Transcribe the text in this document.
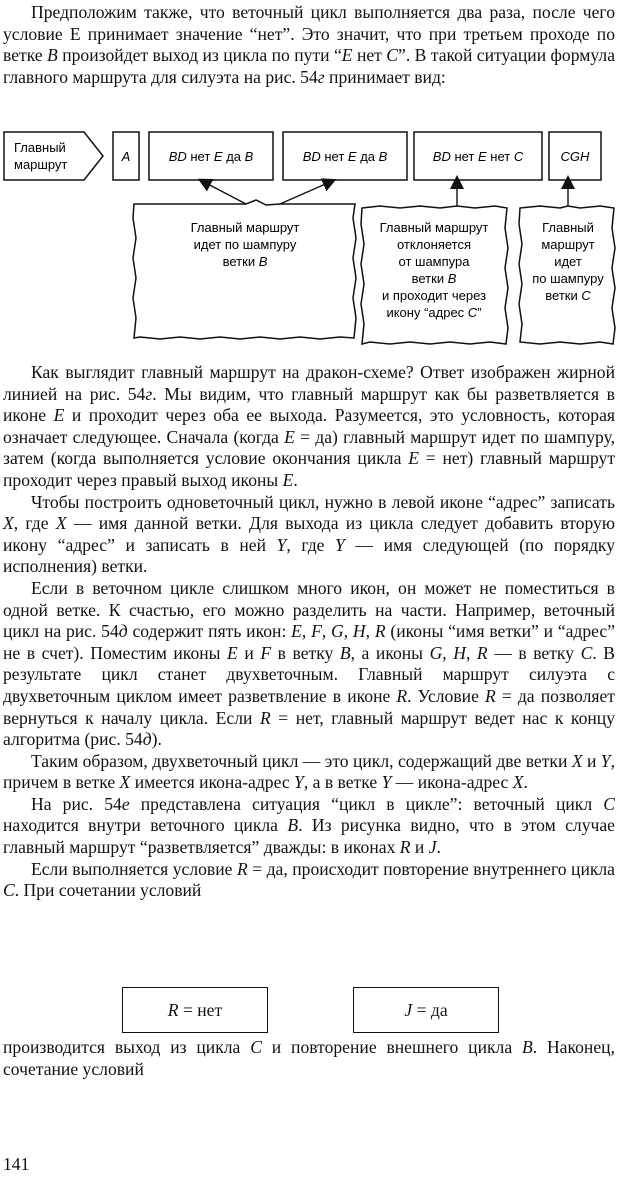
Предположим также, что веточный цикл выполняется два раза, после чего условие Е принимает значение “нет”. Это значит, что при третьем проходе по ветке В произойдет выход из цикла по пути “Е нет С”. В такой ситуации формула главного маршрута для силуэта на рис. 54г принимает вид:

Главный
маршрут
A	BD нет E да B	BD нет E да B	BD нет E нет C	CGH
Главный маршрут
идет по шампуру
ветки B
Главный маршрут
отклоняется
от шампура
ветки B
и проходит через
икону “адрес C”
Главный
маршрут
идет
по шампуру
ветки C

Как выглядит главный маршрут на дракон-схеме? Ответ изображен жирной линией на рис. 54г. Мы видим, что главный маршрут как бы разветвляется в иконе Е и проходит через оба ее выхода. Разумеется, это условность, которая означает следующее. Сначала (когда Е = да) главный маршрут идет по шампуру, затем (когда выполняется условие окончания цикла Е = нет) главный маршрут проходит через правый выход иконы Е.

Чтобы построить одноветочный цикл, нужно в левой иконе “адрес” записать Х, где Х — имя данной ветки. Для выхода из цикла следует добавить вторую икону “адрес” и записать в ней Y, где Y — имя следующей (по порядку исполнения) ветки.

Если в веточном цикле слишком много икон, он может не поместиться в одной ветке. К счастью, его можно разделить на части. Например, веточный цикл на рис. 54д содержит пять икон: E, F, G, H, R (иконы “имя ветки” и “адрес” не в счет). Поместим иконы E и F в ветку B, а иконы G, H, R — в ветку C. В результате цикл станет двухветочным. Главный маршрут силуэта с двухветочным циклом имеет разветвление в иконе R. Условие R = да позволяет вернуться к началу цикла. Если R = нет, главный маршрут ведет нас к концу алгоритма (рис. 54д).

Таким образом, двухветочный цикл — это цикл, содержащий две ветки X и Y, причем в ветке X имеется икона-адрес Y, а в ветке Y — икона-адрес X.

На рис. 54е представлена ситуация “цикл в цикле”: веточный цикл С находится внутри веточного цикла В. Из рисунка видно, что в этом случае главный маршрут “разветвляется” дважды: в иконах R и J.

Если выполняется условие R = да, происходит повторение внутреннего цикла С. При сочетании условий

R = нет	J = да

производится выход из цикла С и повторение внешнего цикла В. Наконец, сочетание условий

141
